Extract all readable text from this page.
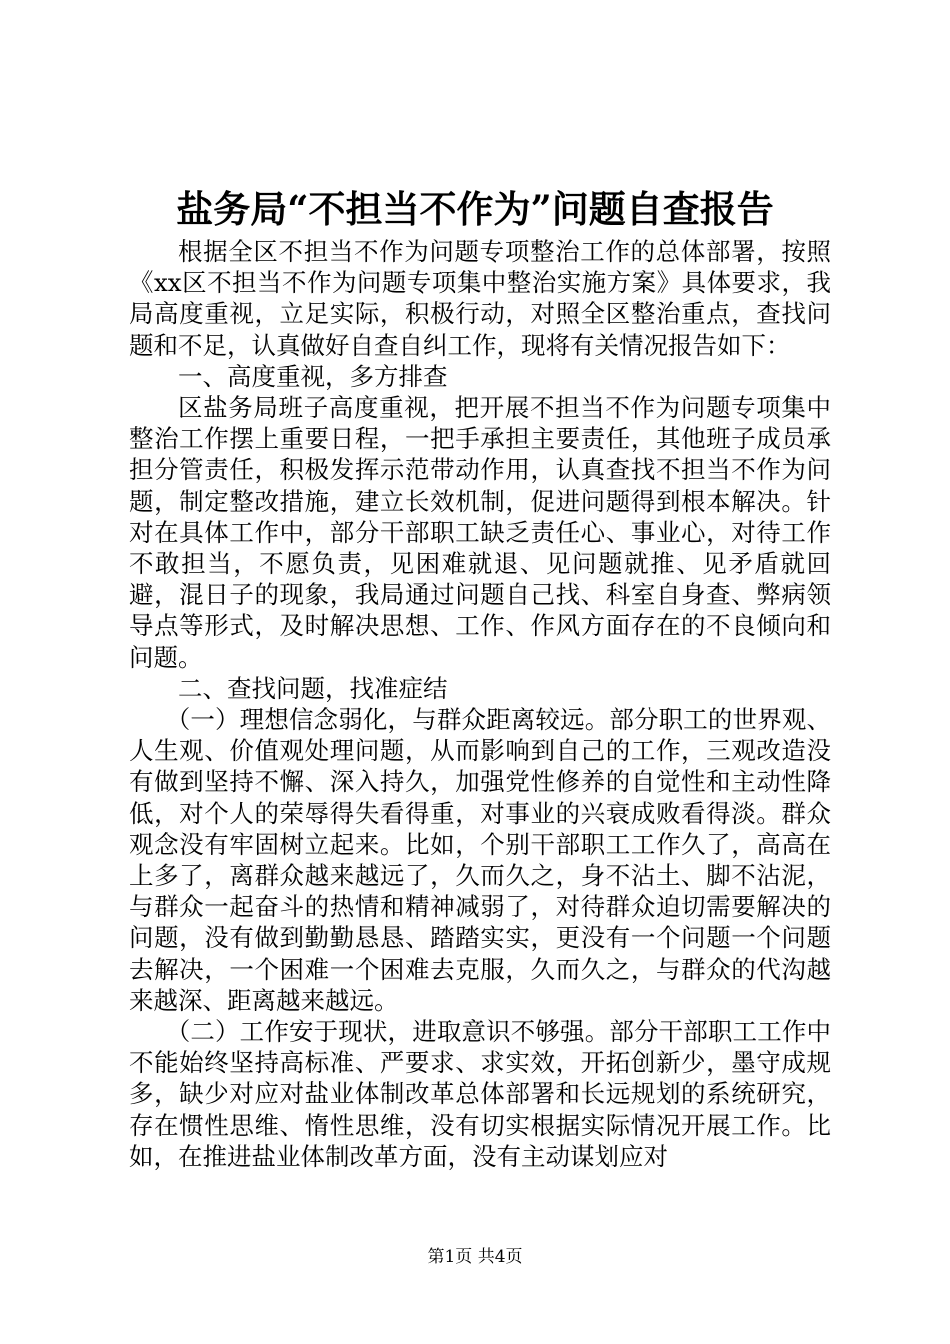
盐务局“不担当不作为”问题自查报告

根据全区不担当不作为问题专项整治工作的总体部署，按照《xx区不担当不作为问题专项集中整治实施方案》具体要求，我局高度重视，立足实际，积极行动，对照全区整治重点，查找问题和不足，认真做好自查自纠工作，现将有关情况报告如下：

一、高度重视，多方排查

区盐务局班子高度重视，把开展不担当不作为问题专项集中整治工作摆上重要日程，一把手承担主要责任，其他班子成员承担分管责任，积极发挥示范带动作用，认真查找不担当不作为问题，制定整改措施，建立长效机制，促进问题得到根本解决。针对在具体工作中，部分干部职工缺乏责任心、事业心，对待工作不敢担当，不愿负责，见困难就退、见问题就推、见矛盾就回避，混日子的现象，我局通过问题自己找、科室自身查、弊病领导点等形式，及时解决思想、工作、作风方面存在的不良倾向和问题。

二、查找问题，找准症结

（一）理想信念弱化，与群众距离较远。部分职工的世界观、人生观、价值观处理问题，从而影响到自己的工作，三观改造没有做到坚持不懈、深入持久，加强党性修养的自觉性和主动性降低，对个人的荣辱得失看得重，对事业的兴衰成败看得淡。群众观念没有牢固树立起来。比如，个别干部职工工作久了，高高在上多了，离群众越来越远了，久而久之，身不沾土、脚不沾泥，与群众一起奋斗的热情和精神减弱了，对待群众迫切需要解决的问题，没有做到勤勤恳恳、踏踏实实，更没有一个问题一个问题去解决，一个困难一个困难去克服，久而久之，与群众的代沟越来越深、距离越来越远。

（二）工作安于现状，进取意识不够强。部分干部职工工作中不能始终坚持高标准、严要求、求实效，开拓创新少，墨守成规多，缺少对应对盐业体制改革总体部署和长远规划的系统研究，存在惯性思维、惰性思维，没有切实根据实际情况开展工作。比如，在推进盐业体制改革方面，没有主动谋划应对

第1页 共4页
